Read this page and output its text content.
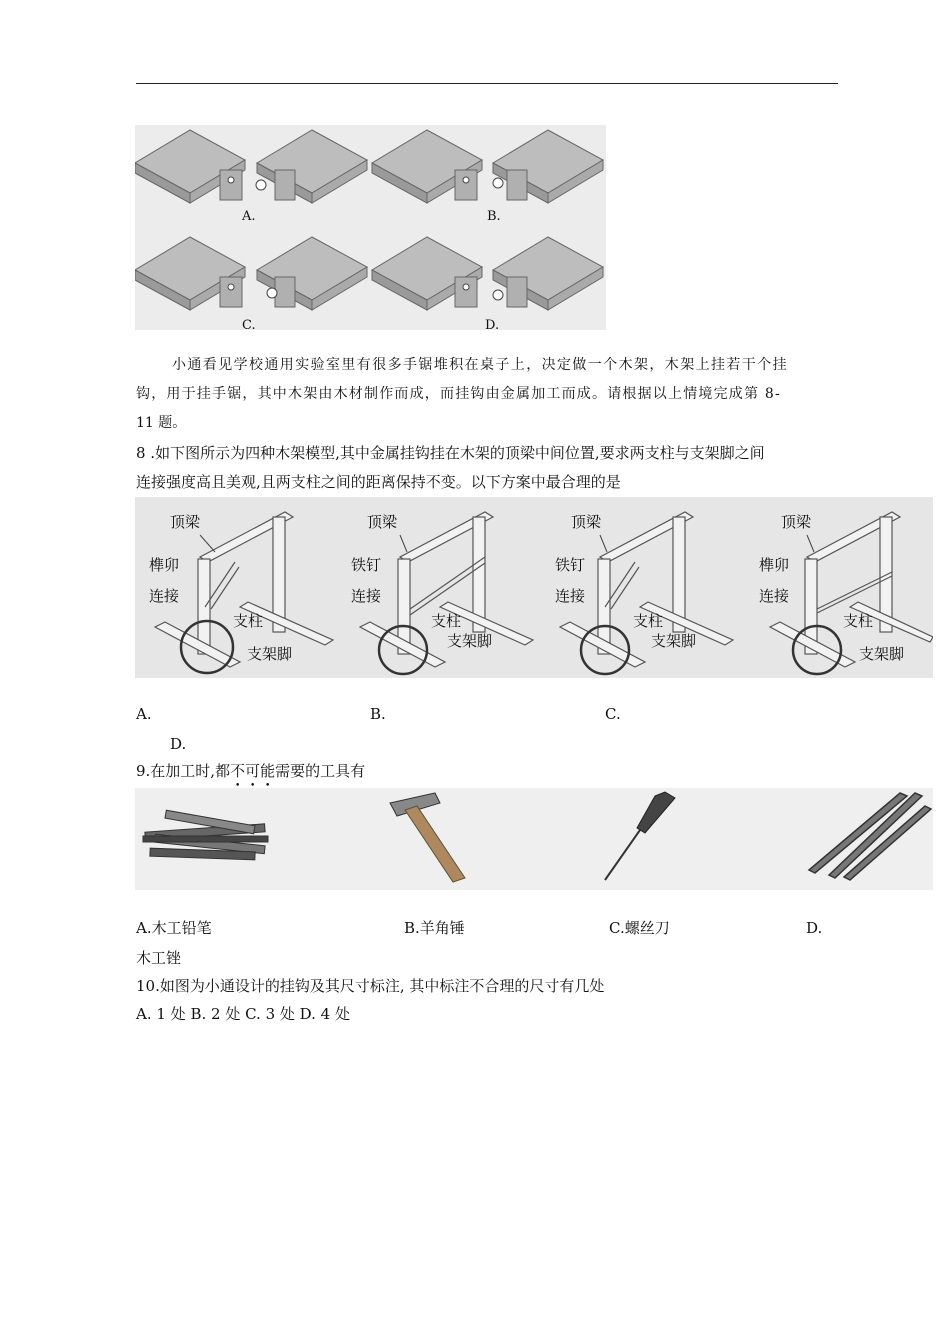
A.	B.
C.	D.
小通看见学校通用实验室里有很多手锯堆积在桌子上，决定做一个木架，木架上挂若干个挂
钩，用于挂手锯，其中木架由木材制作而成，而挂钩由金属加工而成。请根据以上情境完成第 8-
11 题。
8 .如下图所示为四种木架模型,其中金属挂钩挂在木架的顶梁中间位置,要求两支柱与支架脚之间
连接强度高且美观,且两支柱之间的距离保持不变。以下方案中最合理的是
顶梁
榫卯
连接
支柱
支架脚
顶梁
铁钉
连接
支柱
支架脚
顶梁
铁钉
连接
支柱
支架脚
顶梁
榫卯
连接
支柱
支架脚
A.	B.	C.
D.
9.在加工时,都不可能需要的工具有
A.木工铅笔	B.羊角锤	C.螺丝刀	D.
木工锉
10.如图为小通设计的挂钩及其尺寸标注, 其中标注不合理的尺寸有几处
A. 1 处 B. 2 处 C. 3 处 D. 4 处
